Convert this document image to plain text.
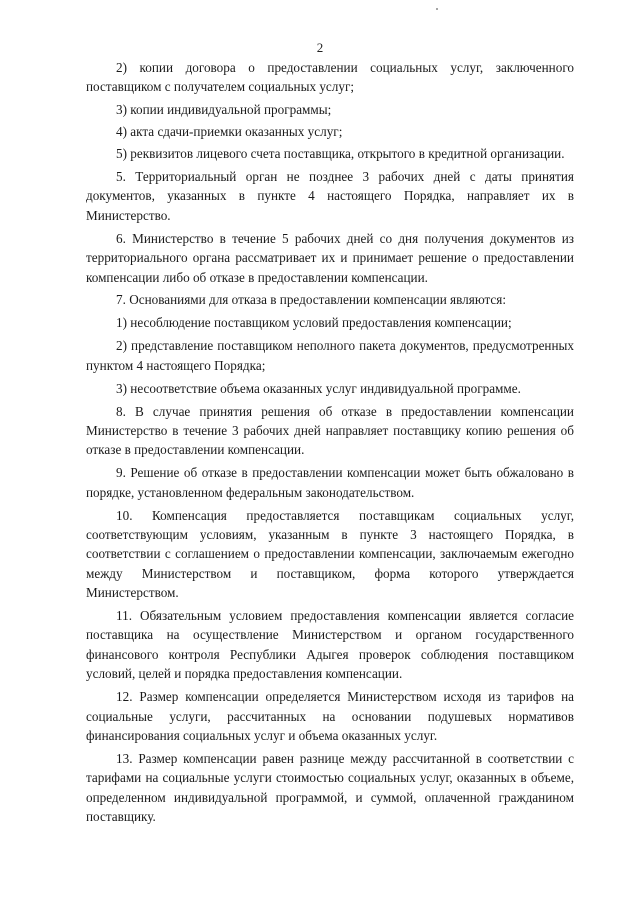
2

2) копии договора о предоставлении социальных услуг, заключенного поставщиком с получателем социальных услуг;

3) копии индивидуальной программы;

4) акта сдачи-приемки оказанных услуг;

5) реквизитов лицевого счета поставщика, открытого в кредитной организации.

5. Территориальный орган не позднее 3 рабочих дней с даты принятия документов, указанных в пункте 4 настоящего Порядка, направляет их в Министерство.

6. Министерство в течение 5 рабочих дней со дня получения документов из территориального органа рассматривает их и принимает решение о предоставлении компенсации либо об отказе в предоставлении компенсации.

7. Основаниями для отказа в предоставлении компенсации являются:

1) несоблюдение поставщиком условий предоставления компенсации;

2) представление поставщиком неполного пакета документов, предусмотренных пунктом 4 настоящего Порядка;

3) несоответствие объема оказанных услуг индивидуальной программе.

8. В случае принятия решения об отказе в предоставлении компенсации Министерство в течение 3 рабочих дней направляет поставщику копию решения об отказе в предоставлении компенсации.

9. Решение об отказе в предоставлении компенсации может быть обжаловано в порядке, установленном федеральным законодательством.

10. Компенсация предоставляется поставщикам социальных услуг, соответствующим условиям, указанным в пункте 3 настоящего Порядка, в соответствии с соглашением о предоставлении компенсации, заключаемым ежегодно между Министерством и поставщиком, форма которого утверждается Министерством.

11. Обязательным условием предоставления компенсации является согласие поставщика на осуществление Министерством и органом государственного финансового контроля Республики Адыгея проверок соблюдения поставщиком условий, целей и порядка предоставления компенсации.

12. Размер компенсации определяется Министерством исходя из тарифов на социальные услуги, рассчитанных на основании подушевых нормативов финансирования социальных услуг и объема оказанных услуг.

13. Размер компенсации равен разнице между рассчитанной в соответствии с тарифами на социальные услуги стоимостью социальных услуг, оказанных в объеме, определенном индивидуальной программой, и суммой, оплаченной гражданином поставщику.
